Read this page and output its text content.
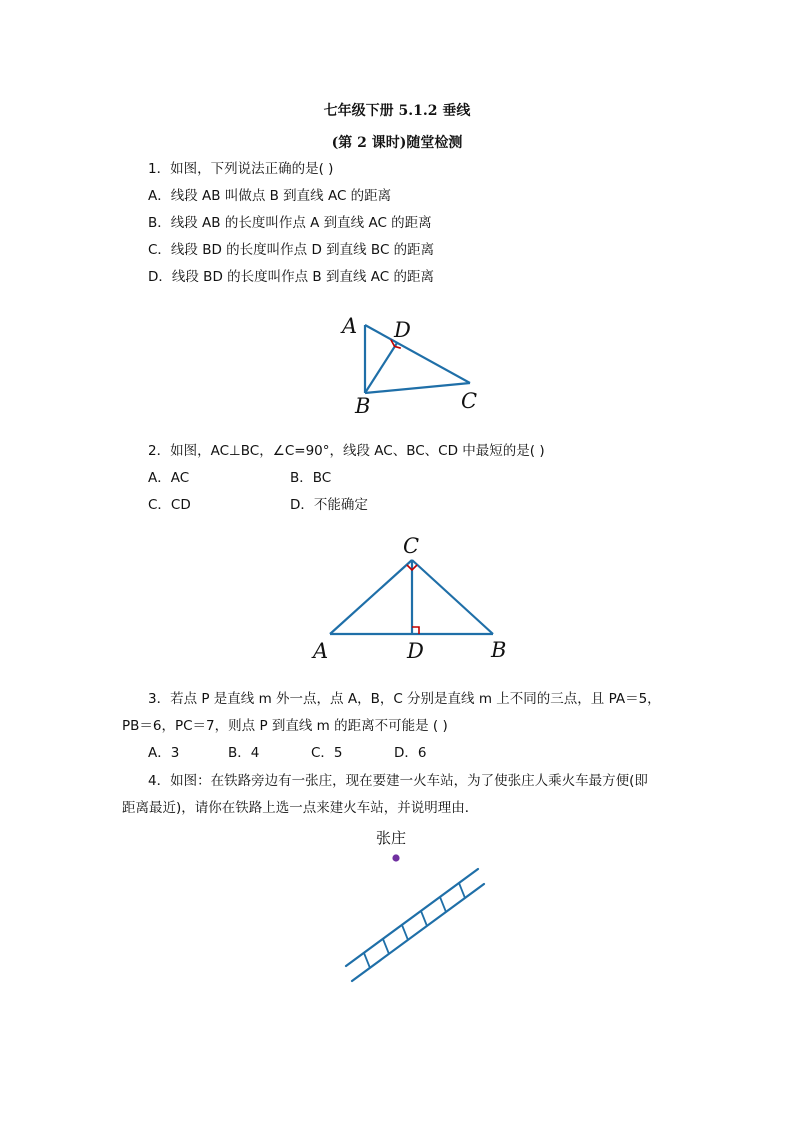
七年级下册 5.1.2 垂线
(第 2 课时)随堂检测
1．如图，下列说法正确的是( )
A．线段 AB 叫做点 B 到直线 AC 的距离
B．线段 AB 的长度叫作点 A 到直线 AC 的距离
C．线段 BD 的长度叫作点 D 到直线 BC 的距离
D．线段 BD 的长度叫作点 B 到直线 AC 的距离
A D
B	C
2．如图，AC⊥BC，∠C=90°，线段 AC、BC、CD 中最短的是( )
A．AC	B．BC
C．CD	D．不能确定
C
A	D	B
3．若点 P 是直线 m 外一点，点 A，B，C 分别是直线 m 上不同的三点，且 PA＝5，
PB＝6，PC＝7，则点 P 到直线 m 的距离不可能是 ( )
A．3	B．4	C．5	D．6
4．如图：在铁路旁边有一张庄，现在要建一火车站，为了使张庄人乘火车最方便(即
距离最近)，请你在铁路上选一点来建火车站，并说明理由．
张庄
